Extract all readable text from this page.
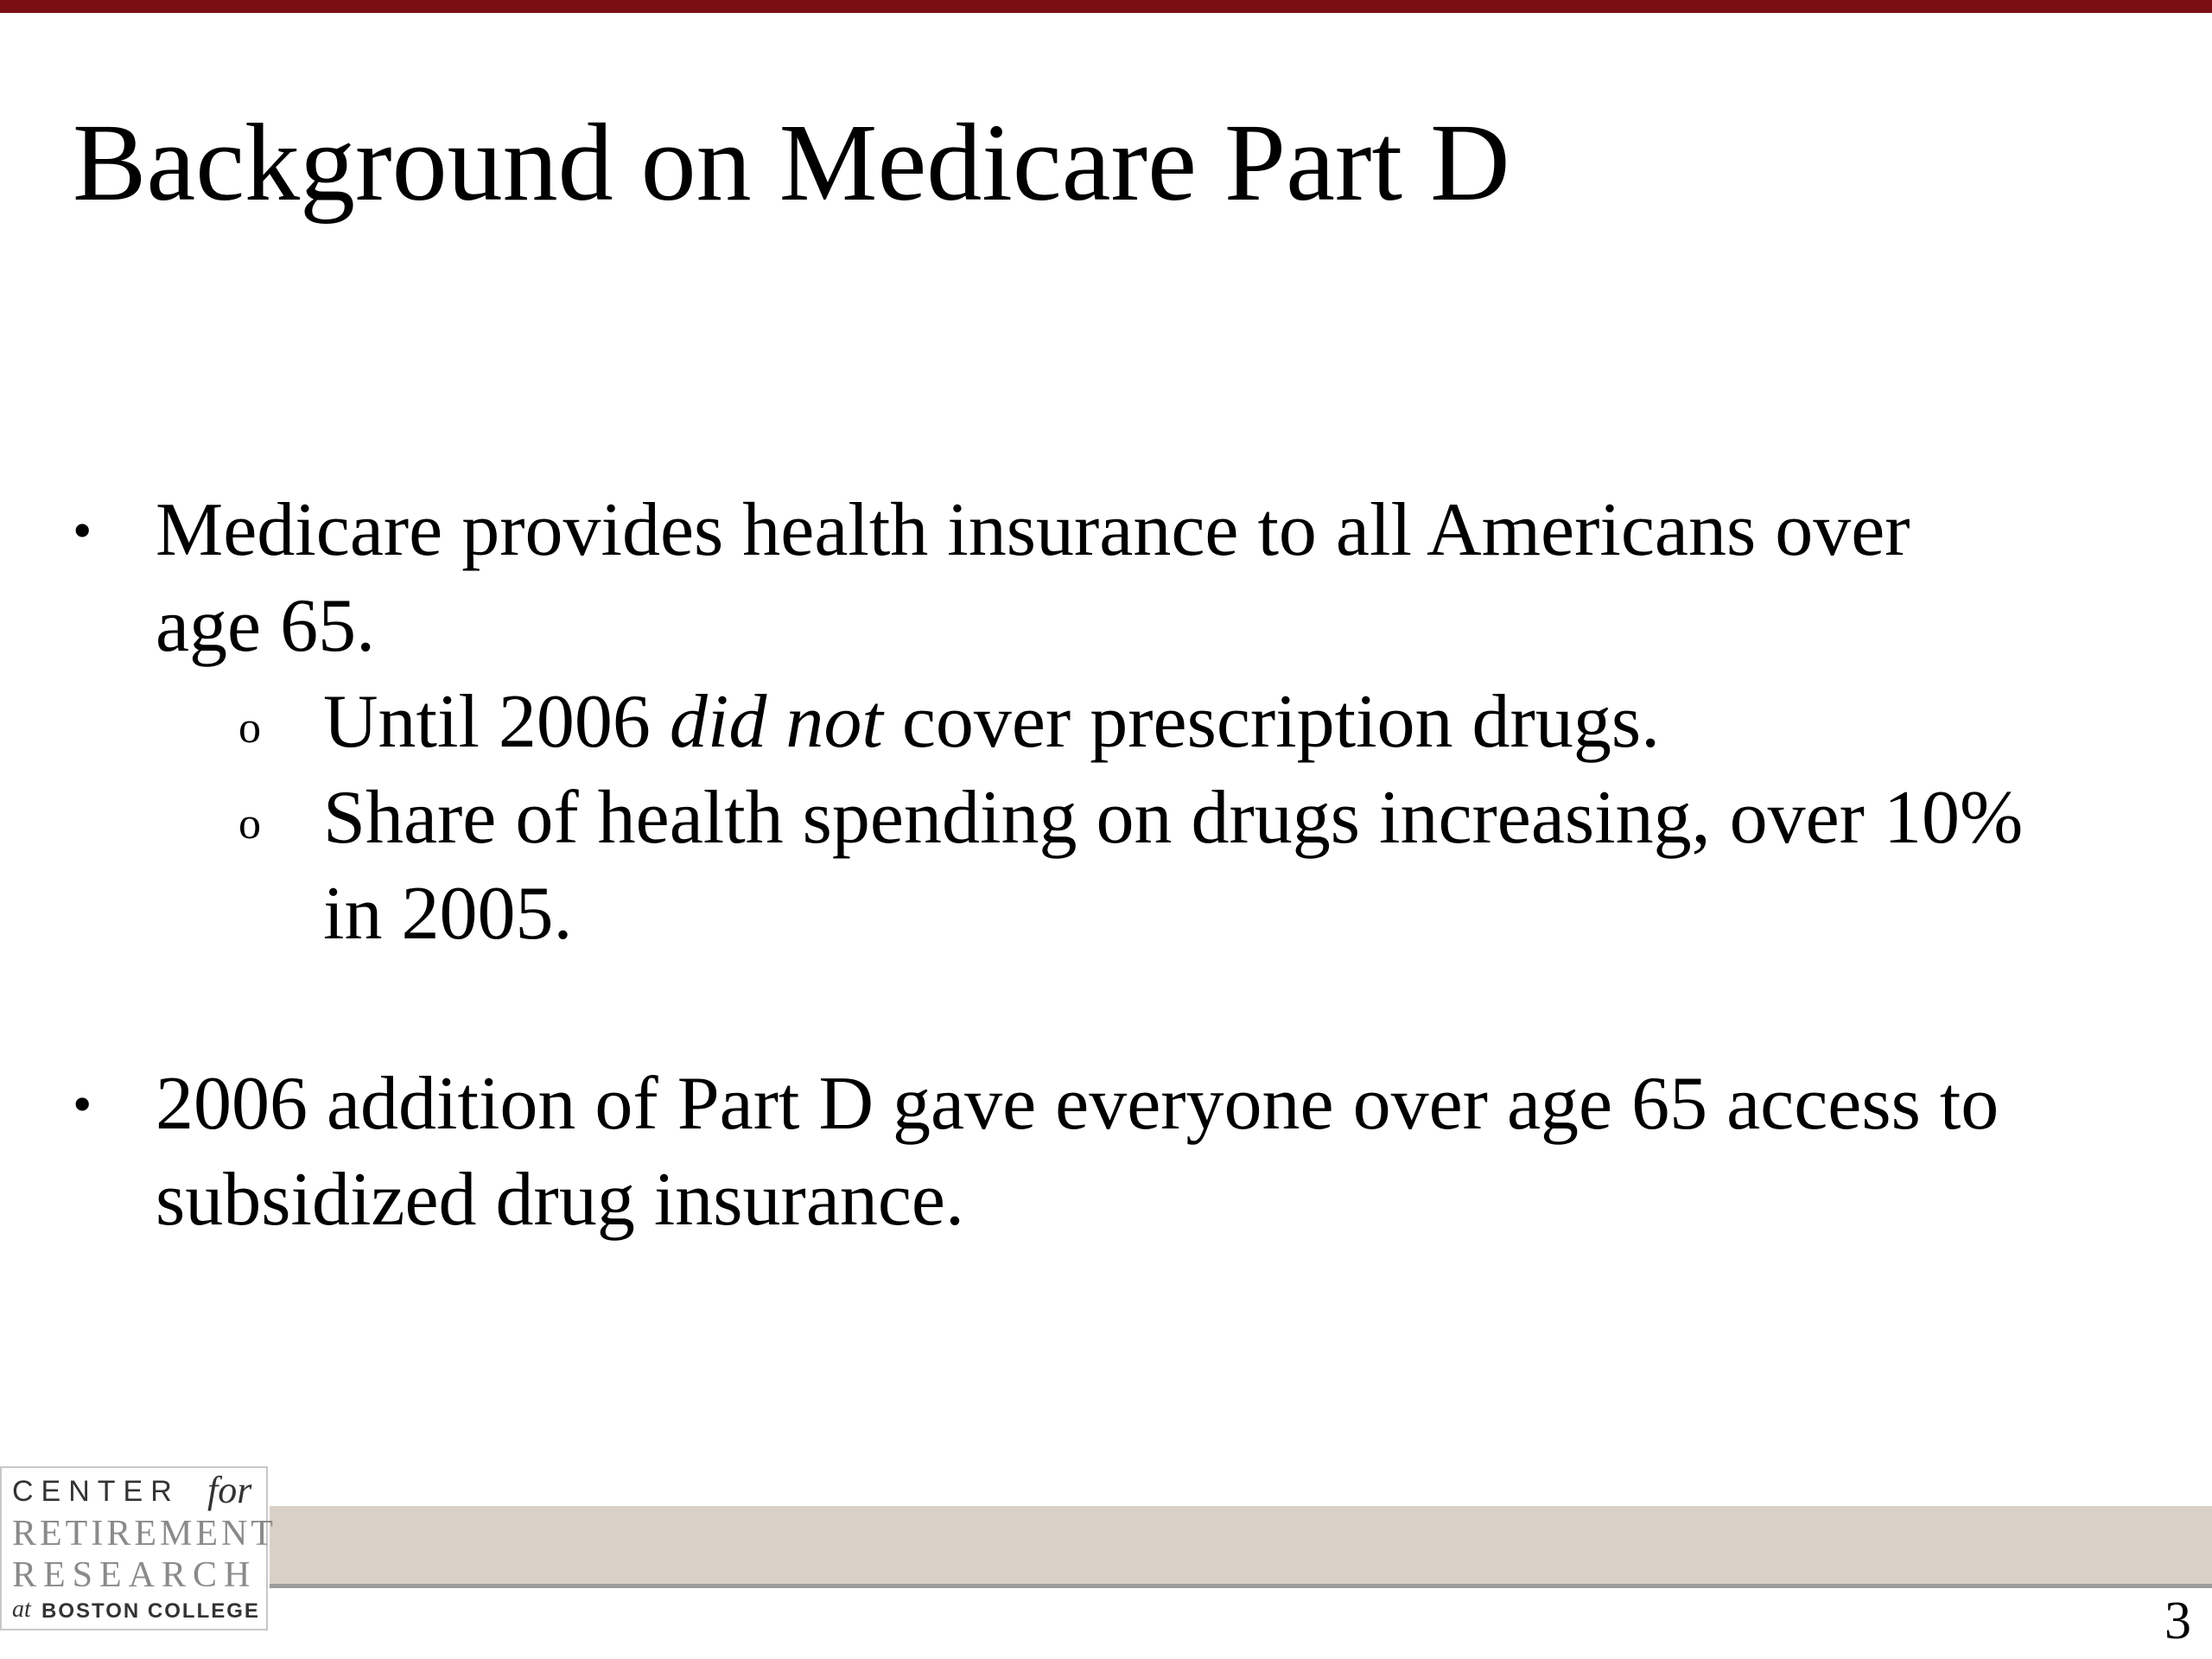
Background on Medicare Part D
• Medicare provides health insurance to all Americans over
age 65.
o Until 2006 did not cover prescription drugs.
o Share of health spending on drugs increasing, over 10%
in 2005.
• 2006 addition of Part D gave everyone over age 65 access to
subsidized drug insurance.
CENTER for
RETIREMENT
RESEARCH
at BOSTON COLLEGE	3
